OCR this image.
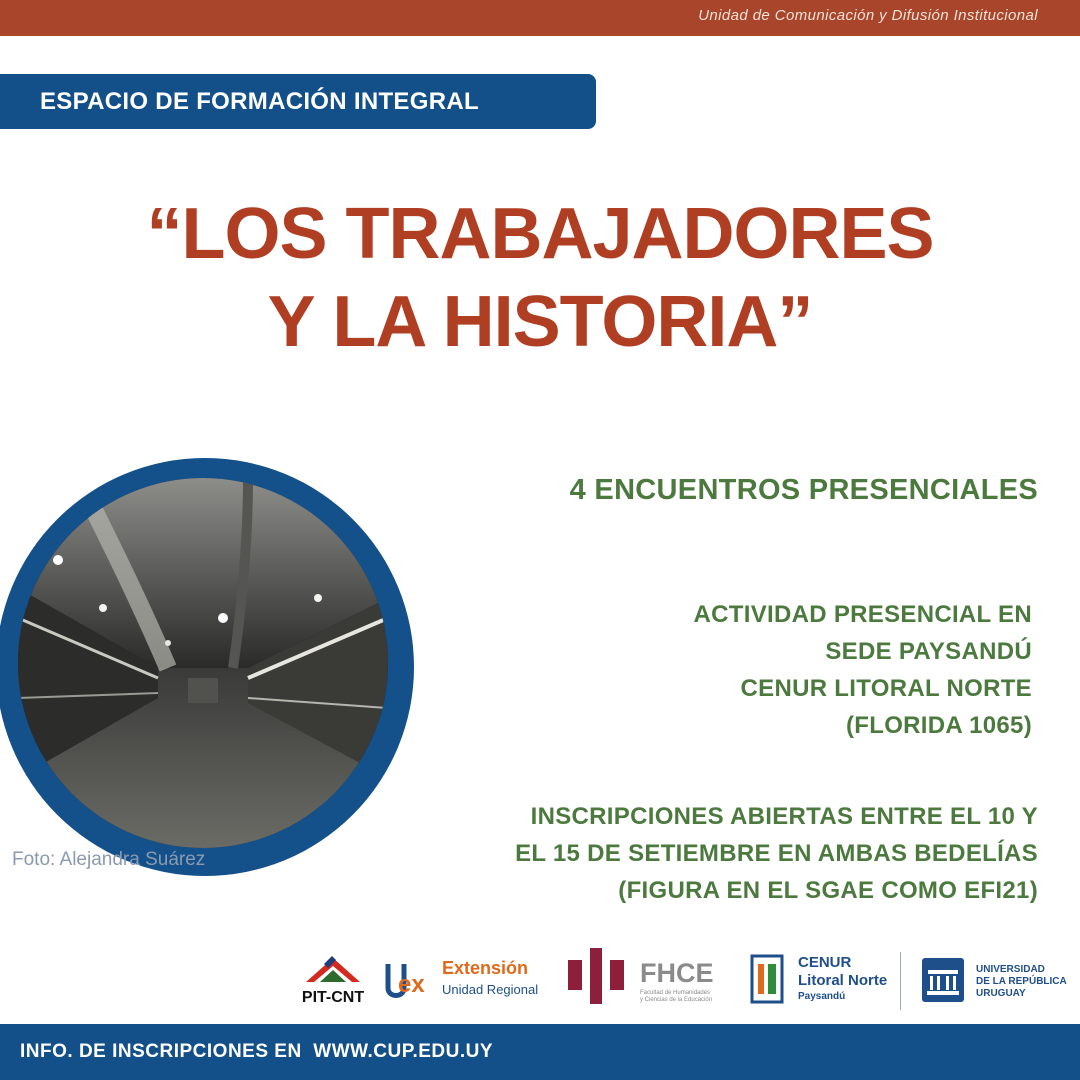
Unidad de Comunicación y Difusión Institucional
ESPACIO DE FORMACIÓN INTEGRAL
“LOS TRABAJADORES
Y LA HISTORIA”
4 ENCUENTROS PRESENCIALES
ACTIVIDAD PRESENCIAL EN
SEDE PAYSANDÚ
CENUR LITORAL NORTE
(FLORIDA 1065)
INSCRIPCIONES ABIERTAS ENTRE EL 10 Y
EL 15 DE SETIEMBRE EN AMBAS BEDELÍAS
(FIGURA EN EL SGAE COMO EFI21)
Foto: Alejandra Suárez
PIT-CNT ex
Extensión
Unidad Regional
FHCE
Facultad de Humanidades
y Ciencias de la Educación
CENUR
Litoral Norte
Paysandú
UNIVERSIDAD
DE LA REPÚBLICA
URUGUAY
INFO. DE INSCRIPCIONES EN  WWW.CUP.EDU.UY
